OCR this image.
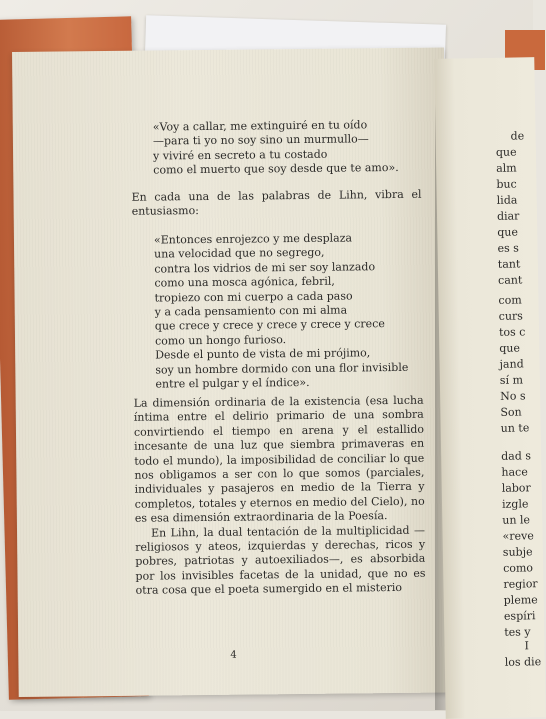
«Voy a callar, me extinguiré en tu oído
—para ti yo no soy sino un murmullo—
y viviré en secreto a tu costado
como el muerto que soy desde que te amo».
En cada una de las palabras de Lihn, vibra el entusiasmo:
«Entonces enrojezco y me desplaza
una velocidad que no segrego,
contra los vidrios de mi ser soy lanzado
como una mosca agónica, febril,
tropiezo con mi cuerpo a cada paso
y a cada pensamiento con mi alma
que crece y crece y crece y crece y crece
como un hongo furioso.
Desde el punto de vista de mi prójimo,
soy un hombre dormido con una flor invisible
entre el pulgar y el índice».
La dimensión ordinaria de la existencia (esa lucha íntima entre el delirio primario de una sombra convirtiendo el tiempo en arena y el estallido incesante de una luz que siembra primaveras en todo el mundo), la imposibilidad de conciliar lo que nos obligamos a ser con lo que somos (parciales, individuales y pasajeros en medio de la Tierra y completos, totales y eternos en medio del Cielo), no es esa dimensión extraordinaria de la Poesía.
En Lihn, la dual tentación de la multiplicidad —religiosos y ateos, izquierdas y derechas, ricos y pobres, patriotas y autoexiliados—, es absorbida por los invisibles facetas de la unidad, que no es otra cosa que el poeta sumergido en el misterio
4
de
que
alm
buc
lida
diar
que
es s
tant
cant
com
curs
tos c
que
jand
sí m
No s
Son
un te
dad s
hace
labor
izgle
un le
«reve
subje
como
regior
pleme
espíri
tes y
I
los die
